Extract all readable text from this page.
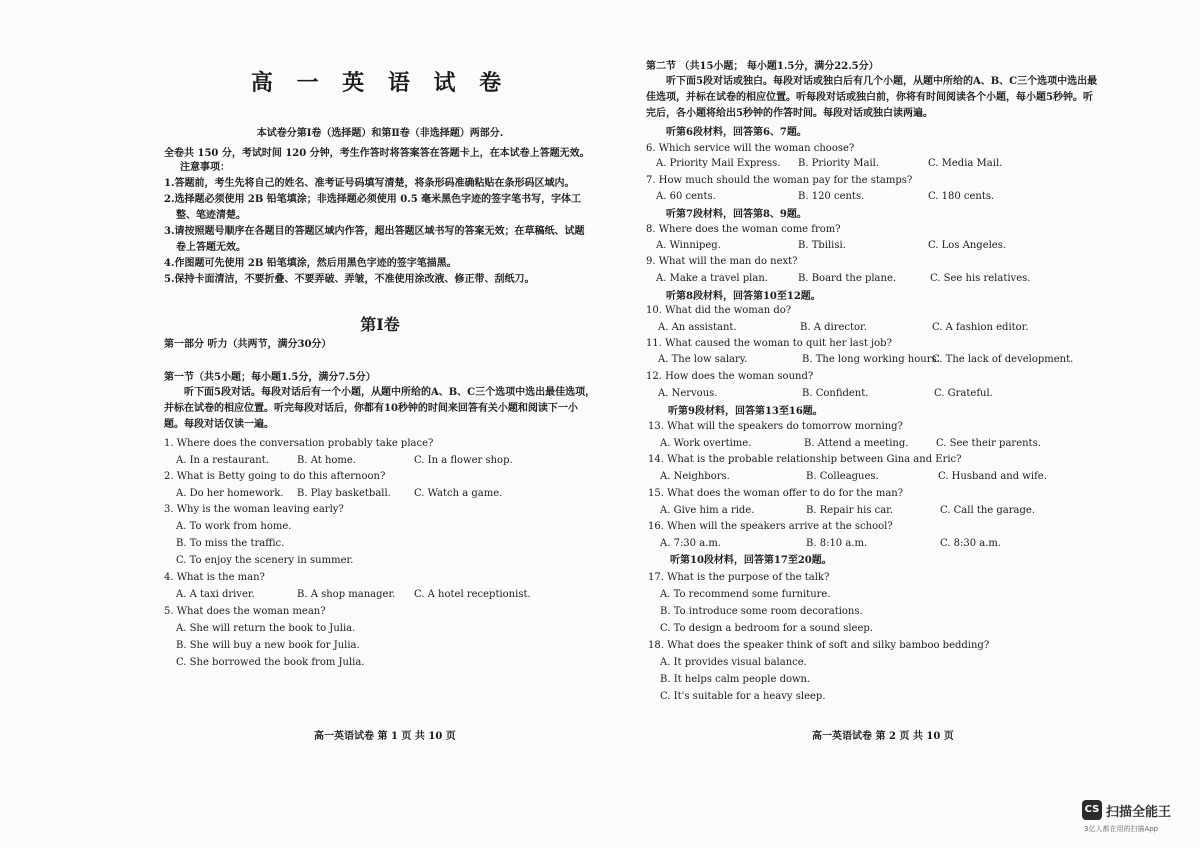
高 一 英 语 试 卷
本试卷分第Ⅰ卷（选择题）和第Ⅱ卷（非选择题）两部分.
全卷共 150 分，考试时间 120 分钟，考生作答时将答案答在答题卡上，在本试卷上答题无效。
注意事项：
1.答题前，考生先将自己的姓名、准考证号码填写清楚，将条形码准确粘贴在条形码区域内。
2.选择题必须使用 2B 铅笔填涂；非选择题必须使用 0.5 毫米黑色字迹的签字笔书写，字体工整、笔迹清楚。
3.请按照题号顺序在各题目的答题区域内作答，超出答题区域书写的答案无效；在草稿纸、试题卷上答题无效。
4.作图题可先使用 2B 铅笔填涂，然后用黑色字迹的签字笔描黑。
5.保持卡面清洁，不要折叠、不要弄破、弄皱，不准使用涂改液、修正带、刮纸刀。
第Ⅰ卷
第一部分 听力（共两节，满分30分）
第一节（共5小题；每小题1.5分，满分7.5分）
听下面5段对话。每段对话后有一个小题，从题中所给的A、B、C三个选项中选出最佳选项，并标在试卷的相应位置。听完每段对话后，你都有10秒钟的时间来回答有关小题和阅读下一小题。每段对话仅读一遍。
1. Where does the conversation probably take place?
A. In a restaurant.	B. At home.	C. In a flower shop.
2. What is Betty going to do this afternoon?
A. Do her homework. B. Play basketball. C. Watch a game.
3. Why is the woman leaving early?
A. To work from home.
B. To miss the traffic.
C. To enjoy the scenery in summer.
4. What is the man?
A. A taxi driver.	B. A shop manager. C. A hotel receptionist.
5. What does the woman mean?
A. She will return the book to Julia.
B. She will buy a new book for Julia.
C. She borrowed the book from Julia.
高一英语试卷 第 1 页 共 10 页
第二节 （共15小题； 每小题1.5分，满分22.5分）
听下面5段对话或独白。每段对话或独白后有几个小题，从题中所给的A、B、C三个选项中选出最佳选项，并标在试卷的相应位置。听每段对话或独白前，你将有时间阅读各个小题，每小题5秒钟。听完后，各小题将给出5秒钟的作答时间。每段对话或独白读两遍。
听第6段材料，回答第6、7题。
6. Which service will the woman choose?
A. Priority Mail Express. B. Priority Mail.	C. Media Mail.
7. How much should the woman pay for the stamps?
A. 60 cents.	B. 120 cents.	C. 180 cents.
听第7段材料，回答第8、9题。
8. Where does the woman come from?
A. Winnipeg.	B. Tbilisi.	C. Los Angeles.
9. What will the man do next?
A. Make a travel plan.	B. Board the plane.	C. See his relatives.
听第8段材料，回答第10至12题。
10. What did the woman do?
A. An assistant.	B. A director.	C. A fashion editor.
11. What caused the woman to quit her last job?
A. The low salary.	B. The long working hours.
C. The lack of development.
12. How does the woman sound?
A. Nervous.	B. Confident.	C. Grateful.
听第9段材料，回答第13至16题。
13. What will the speakers do tomorrow morning?
A. Work overtime.	B. Attend a meeting.	C. See their parents.
14. What is the probable relationship between Gina and Eric?
A. Neighbors.	B. Colleagues.	C. Husband and wife.
15. What does the woman offer to do for the man?
A. Give him a ride.	B. Repair his car.	C. Call the garage.
16. When will the speakers arrive at the school?
A. 7:30 a.m.	B. 8:10 a.m.	C. 8:30 a.m.
听第10段材料，回答第17至20题。
17. What is the purpose of the talk?
A. To recommend some furniture.
B. To introduce some room decorations.
C. To design a bedroom for a sound sleep.
18. What does the speaker think of soft and silky bamboo bedding?
A. It provides visual balance.
B. It helps calm people down.
C. It's suitable for a heavy sleep.
高一英语试卷 第 2 页 共 10 页
CS 扫描全能王
3亿人都在用的扫描App
